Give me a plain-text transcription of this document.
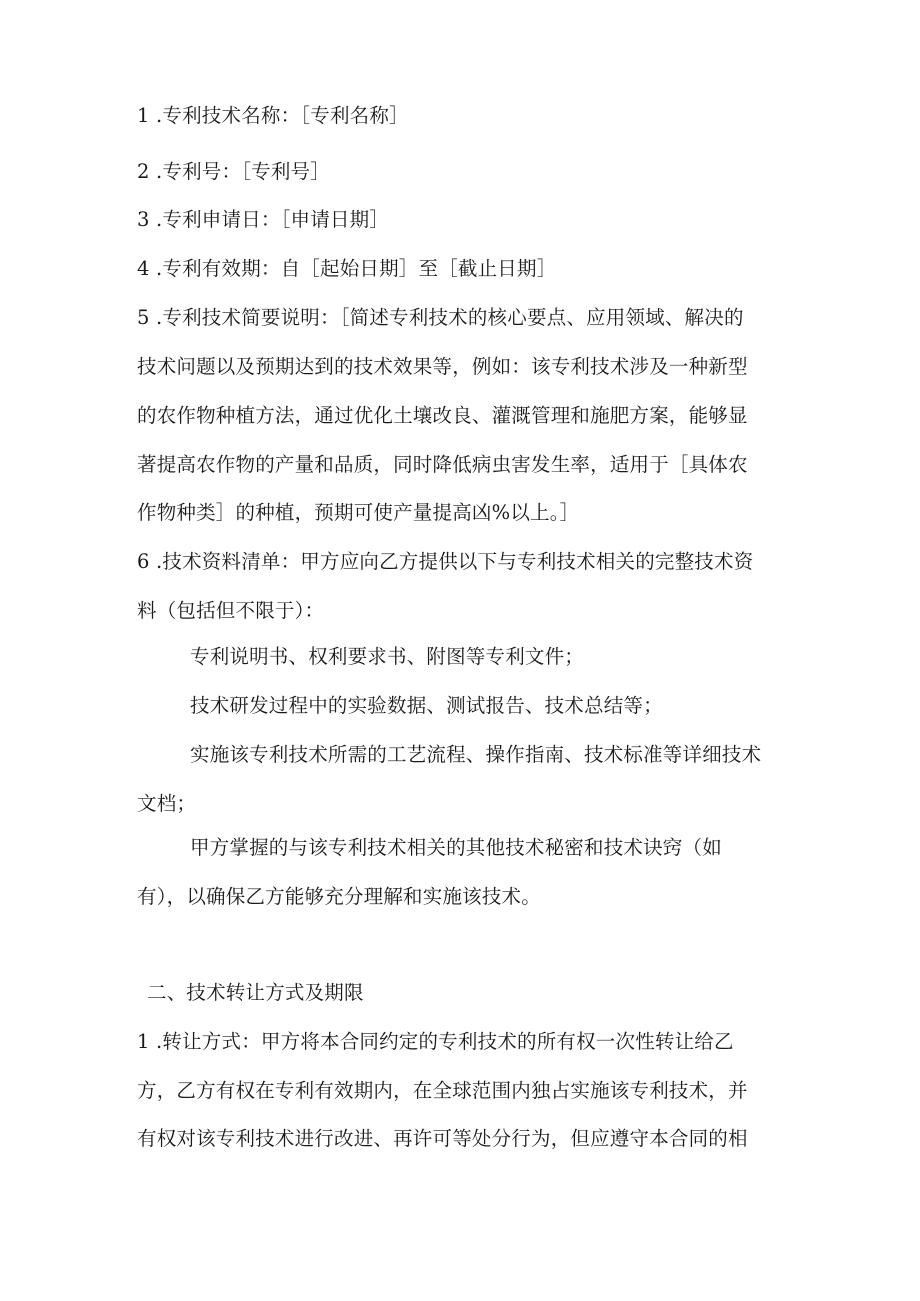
1 .专利技术名称：［专利名称］
2 .专利号：［专利号］
3 .专利申请日：［申请日期］
4 .专利有效期：自［起始日期］至［截止日期］
5 .专利技术简要说明：［简述专利技术的核心要点、应用领域、解决的
技术问题以及预期达到的技术效果等，例如：该专利技术涉及一种新型
的农作物种植方法，通过优化土壤改良、灌溉管理和施肥方案，能够显
著提高农作物的产量和品质，同时降低病虫害发生率，适用于［具体农
作物种类］的种植，预期可使产量提高凶%以上。］
6 .技术资料清单：甲方应向乙方提供以下与专利技术相关的完整技术资
料（包括但不限于）：
专利说明书、权利要求书、附图等专利文件；
技术研发过程中的实验数据、测试报告、技术总结等；
实施该专利技术所需的工艺流程、操作指南、技术标准等详细技术
文档；
甲方掌握的与该专利技术相关的其他技术秘密和技术诀窍（如
有），以确保乙方能够充分理解和实施该技术。
二、技术转让方式及期限
1 .转让方式：甲方将本合同约定的专利技术的所有权一次性转让给乙
方，乙方有权在专利有效期内，在全球范围内独占实施该专利技术，并
有权对该专利技术进行改进、再许可等处分行为，但应遵守本合同的相
